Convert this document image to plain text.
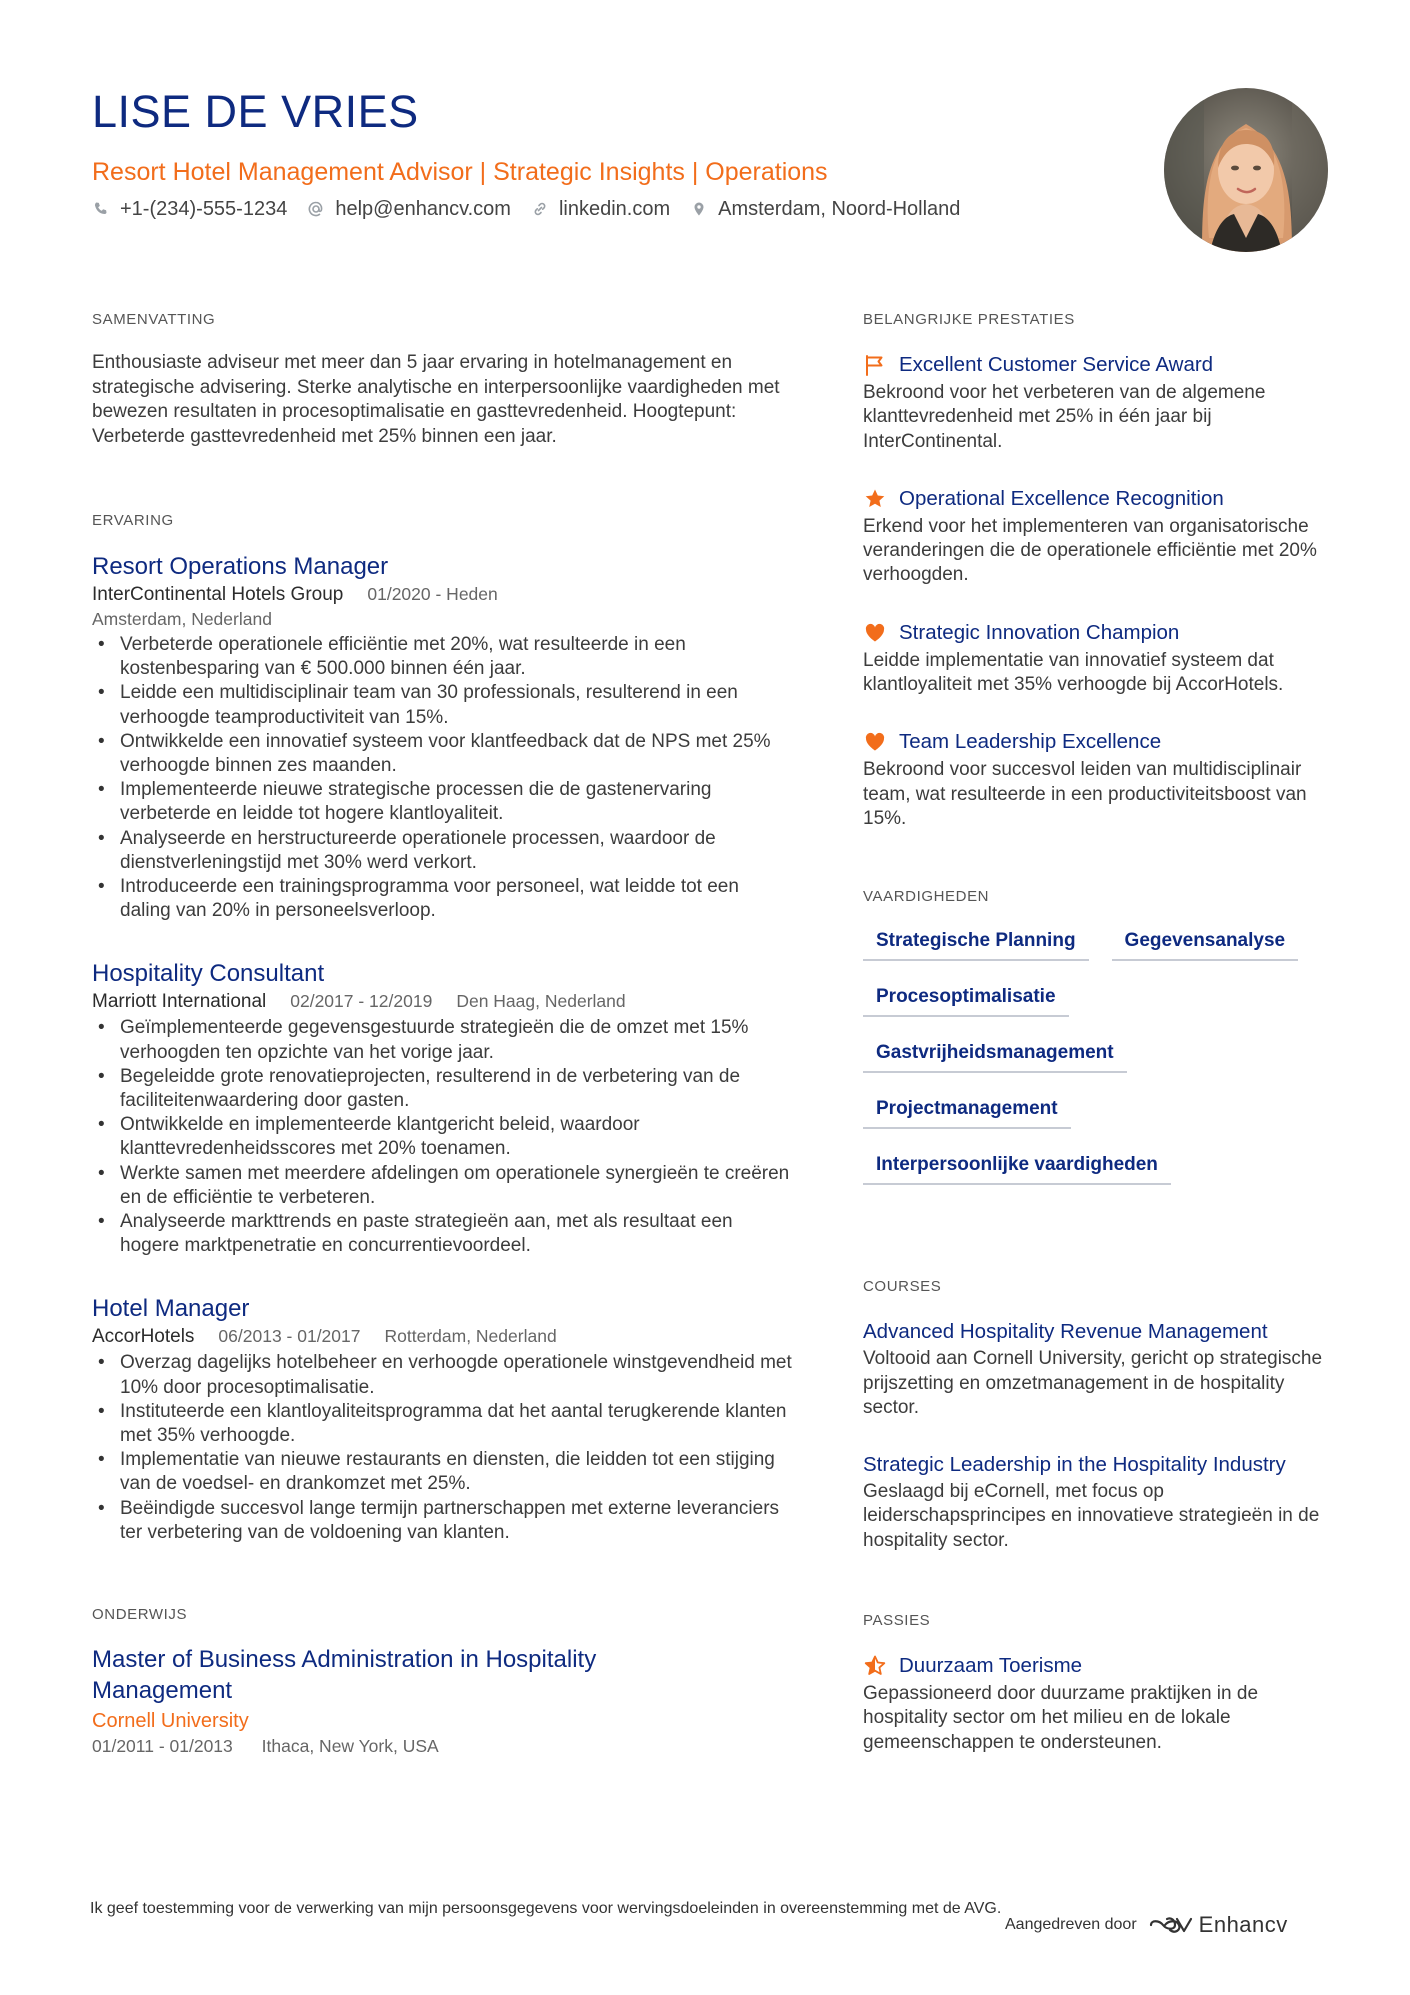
LISE DE VRIES
Resort Hotel Management Advisor | Strategic Insights | Operations
+1-(234)-555-1234 help@enhancv.com linkedin.com Amsterdam, Noord-Holland
SAMENVATTING
Enthousiaste adviseur met meer dan 5 jaar ervaring in hotelmanagement en strategische advisering. Sterke analytische en interpersoonlijke vaardigheden met bewezen resultaten in procesoptimalisatie en gasttevredenheid. Hoogtepunt: Verbeterde gasttevredenheid met 25% binnen een jaar.
ERVARING
Resort Operations Manager
InterContinental Hotels Group 01/2020 - Heden
Amsterdam, Nederland
• Verbeterde operationele efficiëntie met 20%, wat resulteerde in een kostenbesparing van € 500.000 binnen één jaar.
• Leidde een multidisciplinair team van 30 professionals, resulterend in een verhoogde teamproductiviteit van 15%.
• Ontwikkelde een innovatief systeem voor klantfeedback dat de NPS met 25% verhoogde binnen zes maanden.
• Implementeerde nieuwe strategische processen die de gastenervaring verbeterde en leidde tot hogere klantloyaliteit.
• Analyseerde en herstructureerde operationele processen, waardoor de dienstverleningstijd met 30% werd verkort.
• Introduceerde een trainingsprogramma voor personeel, wat leidde tot een daling van 20% in personeelsverloop.
Hospitality Consultant
Marriott International 02/2017 - 12/2019 Den Haag, Nederland
• Geïmplementeerde gegevensgestuurde strategieën die de omzet met 15% verhoogden ten opzichte van het vorige jaar.
• Begeleidde grote renovatieprojecten, resulterend in de verbetering van de faciliteitenwaardering door gasten.
• Ontwikkelde en implementeerde klantgericht beleid, waardoor klanttevredenheidsscores met 20% toenamen.
• Werkte samen met meerdere afdelingen om operationele synergieën te creëren en de efficiëntie te verbeteren.
• Analyseerde markttrends en paste strategieën aan, met als resultaat een hogere marktpenetratie en concurrentievoordeel.
Hotel Manager
AccorHotels 06/2013 - 01/2017 Rotterdam, Nederland
• Overzag dagelijks hotelbeheer en verhoogde operationele winstgevendheid met 10% door procesoptimalisatie.
• Instituteerde een klantloyaliteitsprogramma dat het aantal terugkerende klanten met 35% verhoogde.
• Implementatie van nieuwe restaurants en diensten, die leidden tot een stijging van de voedsel- en drankomzet met 25%.
• Beëindigde succesvol lange termijn partnerschappen met externe leveranciers ter verbetering van de voldoening van klanten.
ONDERWIJS
Master of Business Administration in Hospitality Management
Cornell University
01/2011 - 01/2013 Ithaca, New York, USA
BELANGRIJKE PRESTATIES
Excellent Customer Service Award
Bekroond voor het verbeteren van de algemene klanttevredenheid met 25% in één jaar bij InterContinental.
Operational Excellence Recognition
Erkend voor het implementeren van organisatorische veranderingen die de operationele efficiëntie met 20% verhoogden.
Strategic Innovation Champion
Leidde implementatie van innovatief systeem dat klantloyaliteit met 35% verhoogde bij AccorHotels.
Team Leadership Excellence
Bekroond voor succesvol leiden van multidisciplinair team, wat resulteerde in een productiviteitsboost van 15%.
VAARDIGHEDEN
Strategische Planning	Gegevensanalyse
Procesoptimalisatie
Gastvrijheidsmanagement
Projectmanagement
Interpersoonlijke vaardigheden
COURSES
Advanced Hospitality Revenue Management
Voltooid aan Cornell University, gericht op strategische prijszetting en omzetmanagement in de hospitality sector.
Strategic Leadership in the Hospitality Industry
Geslaagd bij eCornell, met focus op leiderschapsprincipes en innovatieve strategieën in de hospitality sector.
PASSIES
Duurzaam Toerisme
Gepassioneerd door duurzame praktijken in de hospitality sector om het milieu en de lokale gemeenschappen te ondersteunen.
Ik geef toestemming voor de verwerking van mijn persoonsgegevens voor wervingsdoeleinden in overeenstemming met de AVG.
Aangedreven door	Enhancv
